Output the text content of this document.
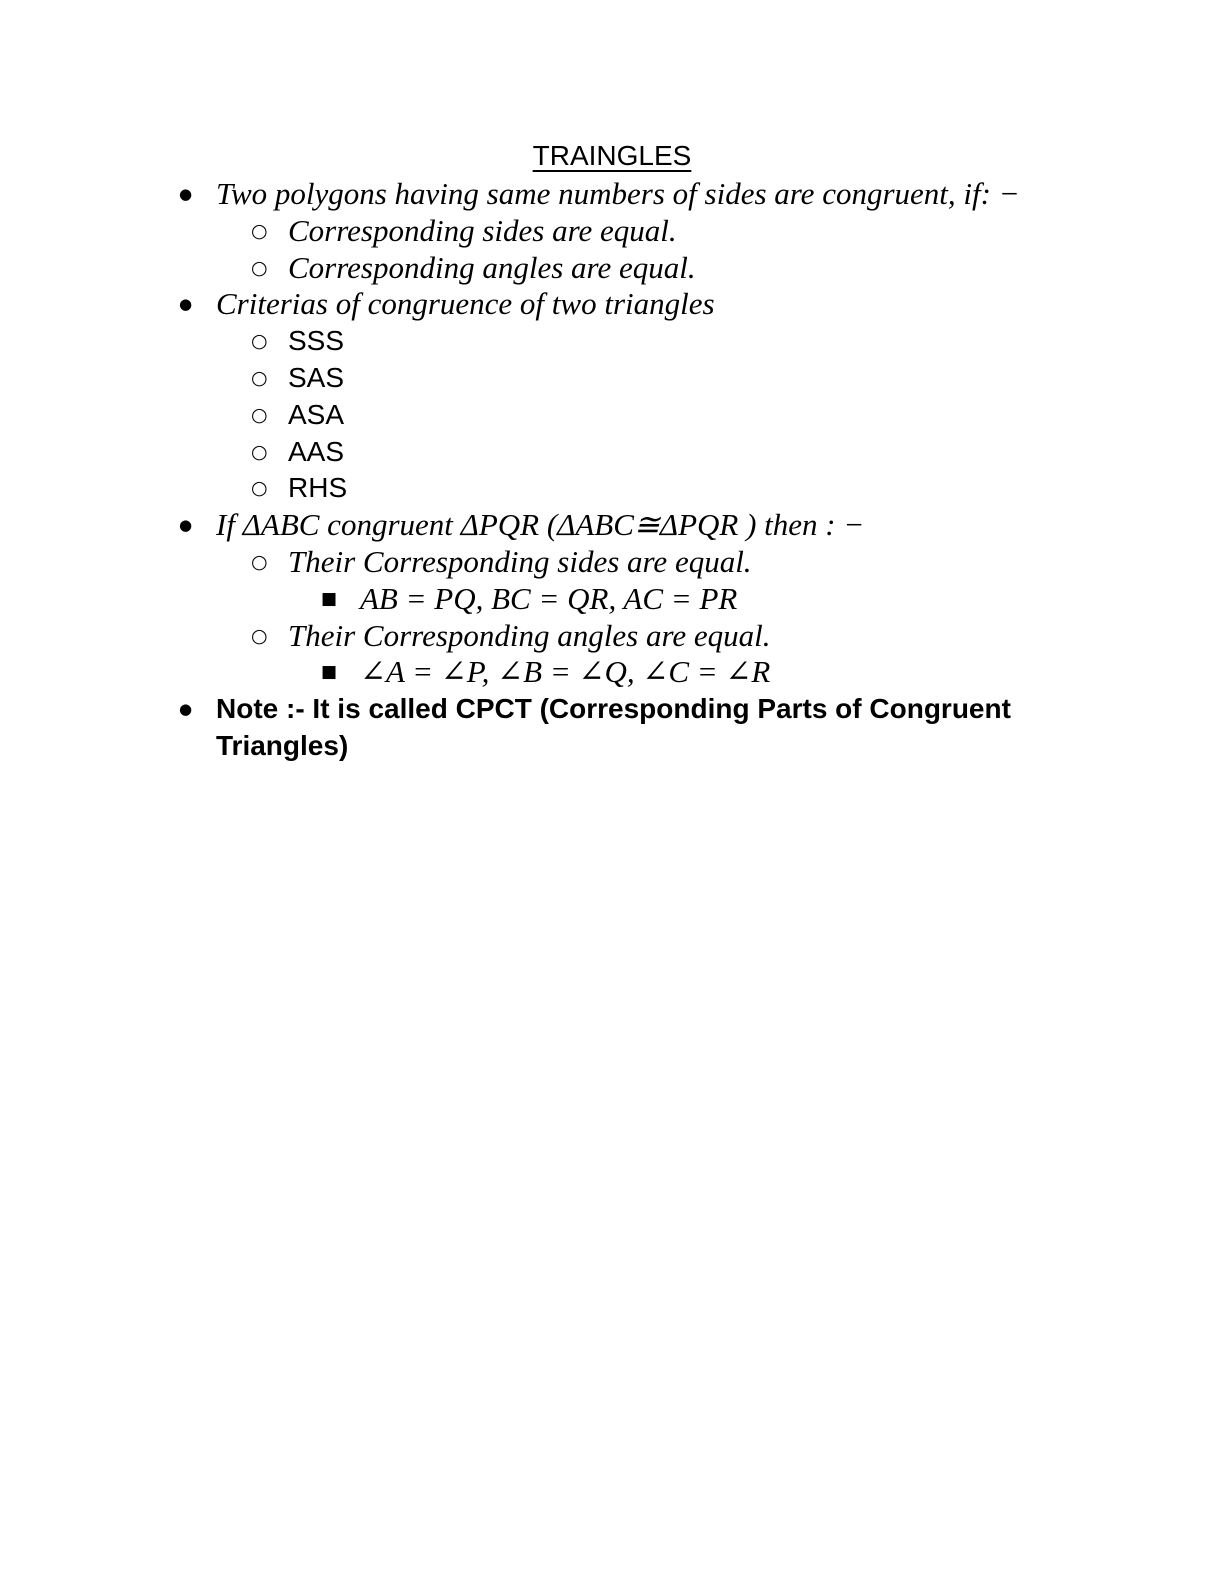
TRAINGLES
● Two polygons having same numbers of sides are congruent, if: −
○ Corresponding sides are equal.
○ Corresponding angles are equal.
● Criterias of congruence of two triangles
○ SSS
○ SAS
○ ASA
○ AAS
○ RHS
● If ΔABC congruent ΔPQR (ΔABC≅ΔPQR ) then : −
○ Their Corresponding sides are equal.
■ AB = PQ, BC = QR, AC = PR
○ Their Corresponding angles are equal.
■ ∠A = ∠P, ∠B = ∠Q, ∠C = ∠R
● Note :- It is called CPCT (Corresponding Parts of Congruent Triangles)
